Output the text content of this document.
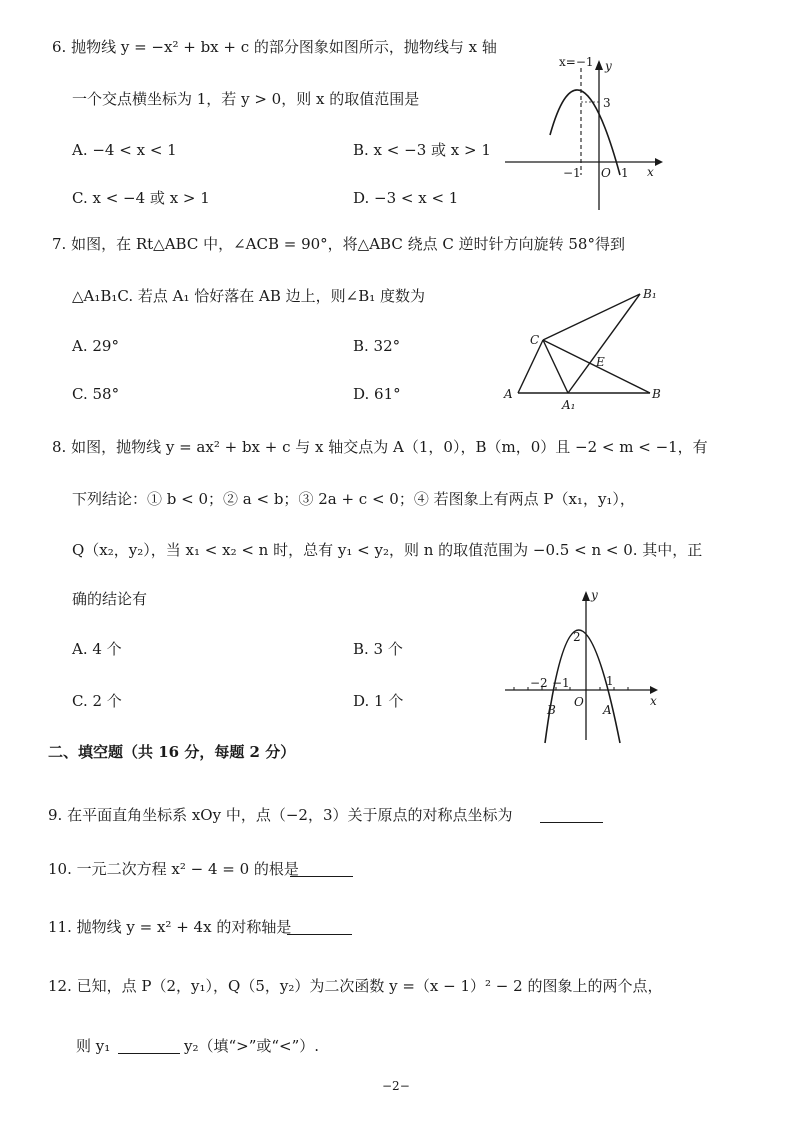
6. 抛物线 y = −x² + bx + c 的部分图象如图所示，抛物线与 x 轴
一个交点横坐标为 1，若 y > 0，则 x 的取值范围是
A. −4 < x < 1	B. x < −3 或 x > 1
C. x < −4 或 x > 1	D. −3 < x < 1
x=−1 y
x
O
−1	1
3
7. 如图，在 Rt△ABC 中，∠ACB = 90°，将△ABC 绕点 C 逆时针方向旋转 58°得到
△A₁B₁C. 若点 A₁ 恰好落在 AB 边上，则∠B₁ 度数为
A. 29°	B. 32°
C. 58°	D. 61°	A	B
C
A₁
B₁
E
8. 如图，抛物线 y = ax² + bx + c 与 x 轴交点为 A（1，0），B（m，0）且 −2 < m < −1，有
下列结论：① b < 0；② a < b；③ 2a + c < 0；④ 若图象上有两点 P（x₁，y₁），
Q（x₂，y₂），当 x₁ < x₂ < n 时，总有 y₁ < y₂，则 n 的取值范围为 −0.5 < n < 0. 其中，正
确的结论有
A. 4 个	B. 3 个
C. 2 个	D. 1 个
y
x
O
2
−2 −1	1
B	A
二、填空题（共 16 分，每题 2 分）
9. 在平面直角坐标系 xOy 中，点（−2，3）关于原点的对称点坐标为
10. 一元二次方程 x² − 4 = 0 的根是
11. 抛物线 y = x² + 4x 的对称轴是
12. 已知，点 P（2，y₁），Q（5，y₂）为二次函数 y =（x − 1）² − 2 的图象上的两个点，
则 y₁	y₂（填“>”或“<”）.
−2−
